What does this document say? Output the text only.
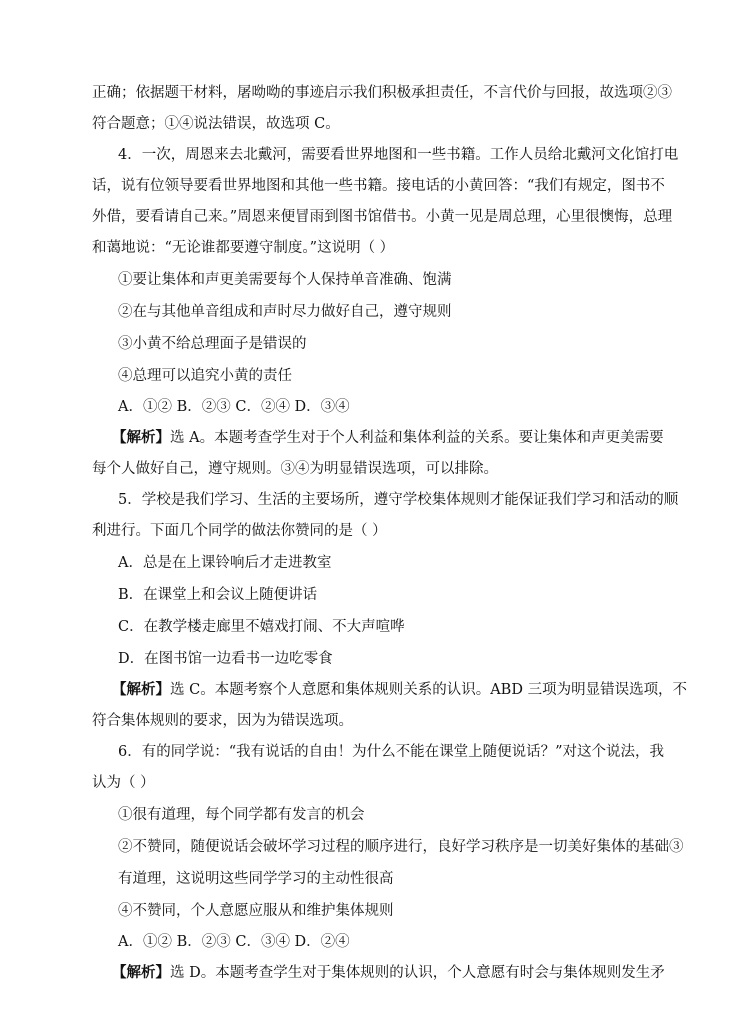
正确；依据题干材料，屠呦呦的事迹启示我们积极承担责任，不言代价与回报，故选项②③
符合题意；①④说法错误，故选项 C。
4．一次，周恩来去北戴河，需要看世界地图和一些书籍。工作人员给北戴河文化馆打电
话，说有位领导要看世界地图和其他一些书籍。接电话的小黄回答：“我们有规定，图书不
外借，要看请自己来。”周恩来便冒雨到图书馆借书。小黄一见是周总理，心里很懊悔，总理
和蔼地说：“无论谁都要遵守制度。”这说明（ ）
①要让集体和声更美需要每个人保持单音准确、饱满
②在与其他单音组成和声时尽力做好自己，遵守规则
③小黄不给总理面子是错误的
④总理可以追究小黄的责任
A．①② B．②③ C．②④ D．③④
【解析】选 A。本题考查学生对于个人利益和集体利益的关系。要让集体和声更美需要
每个人做好自己，遵守规则。③④为明显错误选项，可以排除。
5．学校是我们学习、生活的主要场所，遵守学校集体规则才能保证我们学习和活动的顺
利进行。下面几个同学的做法你赞同的是（ ）
A．总是在上课铃响后才走进教室
B．在课堂上和会议上随便讲话
C．在教学楼走廊里不嬉戏打闹、不大声喧哗
D．在图书馆一边看书一边吃零食
【解析】选 C。本题考察个人意愿和集体规则关系的认识。ABD 三项为明显错误选项，不
符合集体规则的要求，因为为错误选项。
6．有的同学说：“我有说话的自由！为什么不能在课堂上随便说话？”对这个说法，我
认为（ ）
①很有道理，每个同学都有发言的机会
②不赞同，随便说话会破坏学习过程的顺序进行，良好学习秩序是一切美好集体的基础③
有道理，这说明这些同学学习的主动性很高
④不赞同，个人意愿应服从和维护集体规则
A．①② B．②③ C．③④ D．②④
【解析】选 D。本题考查学生对于集体规则的认识，个人意愿有时会与集体规则发生矛
